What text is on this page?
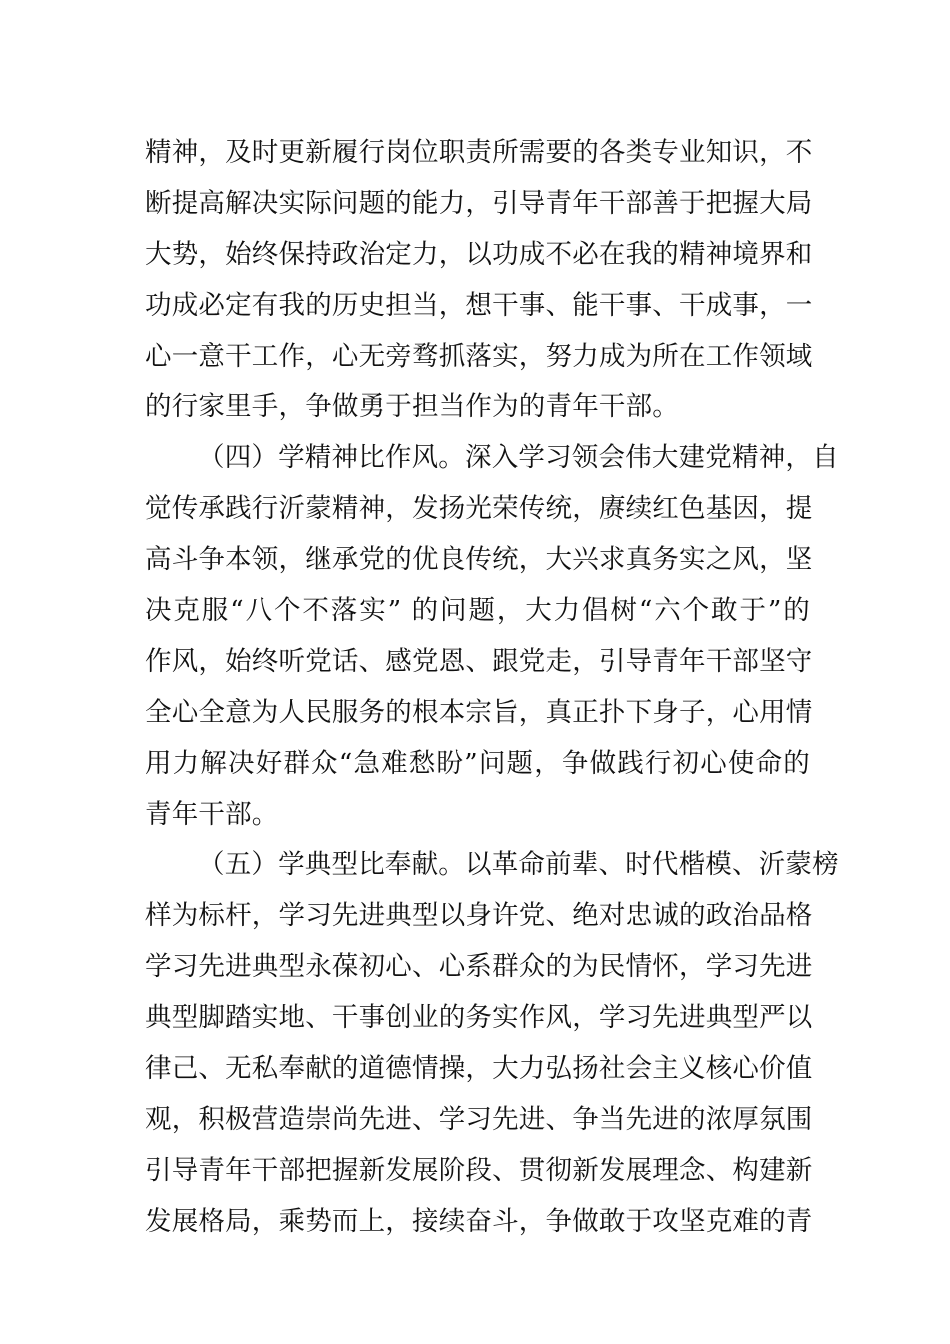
精神，及时更新履行岗位职责所需要的各类专业知识，不
断提高解决实际问题的能力，引导青年干部善于把握大局
大势，始终保持政治定力，以功成不必在我的精神境界和
功成必定有我的历史担当，想干事、能干事、干成事，一
心一意干工作，心无旁骛抓落实，努力成为所在工作领域
的行家里手，争做勇于担当作为的青年干部。
（四）学精神比作风。深入学习领会伟大建党精神，自
觉传承践行沂蒙精神，发扬光荣传统，赓续红色基因，提
高斗争本领，继承党的优良传统，大兴求真务实之风，坚
决克服“八个不落实” 的问题，大力倡树“六个敢于”的
作风，始终听党话、感党恩、跟党走，引导青年干部坚守
全心全意为人民服务的根本宗旨，真正扑下身子，心用情
用力解决好群众“急难愁盼”问题，争做践行初心使命的
青年干部。
（五）学典型比奉献。以革命前辈、时代楷模、沂蒙榜
样为标杆，学习先进典型以身许党、绝对忠诚的政治品格
学习先进典型永葆初心、心系群众的为民情怀，学习先进
典型脚踏实地、干事创业的务实作风，学习先进典型严以
律己、无私奉献的道德情操，大力弘扬社会主义核心价值
观，积极营造崇尚先进、学习先进、争当先进的浓厚氛围
引导青年干部把握新发展阶段、贯彻新发展理念、构建新
发展格局，乘势而上，接续奋斗，争做敢于攻坚克难的青
